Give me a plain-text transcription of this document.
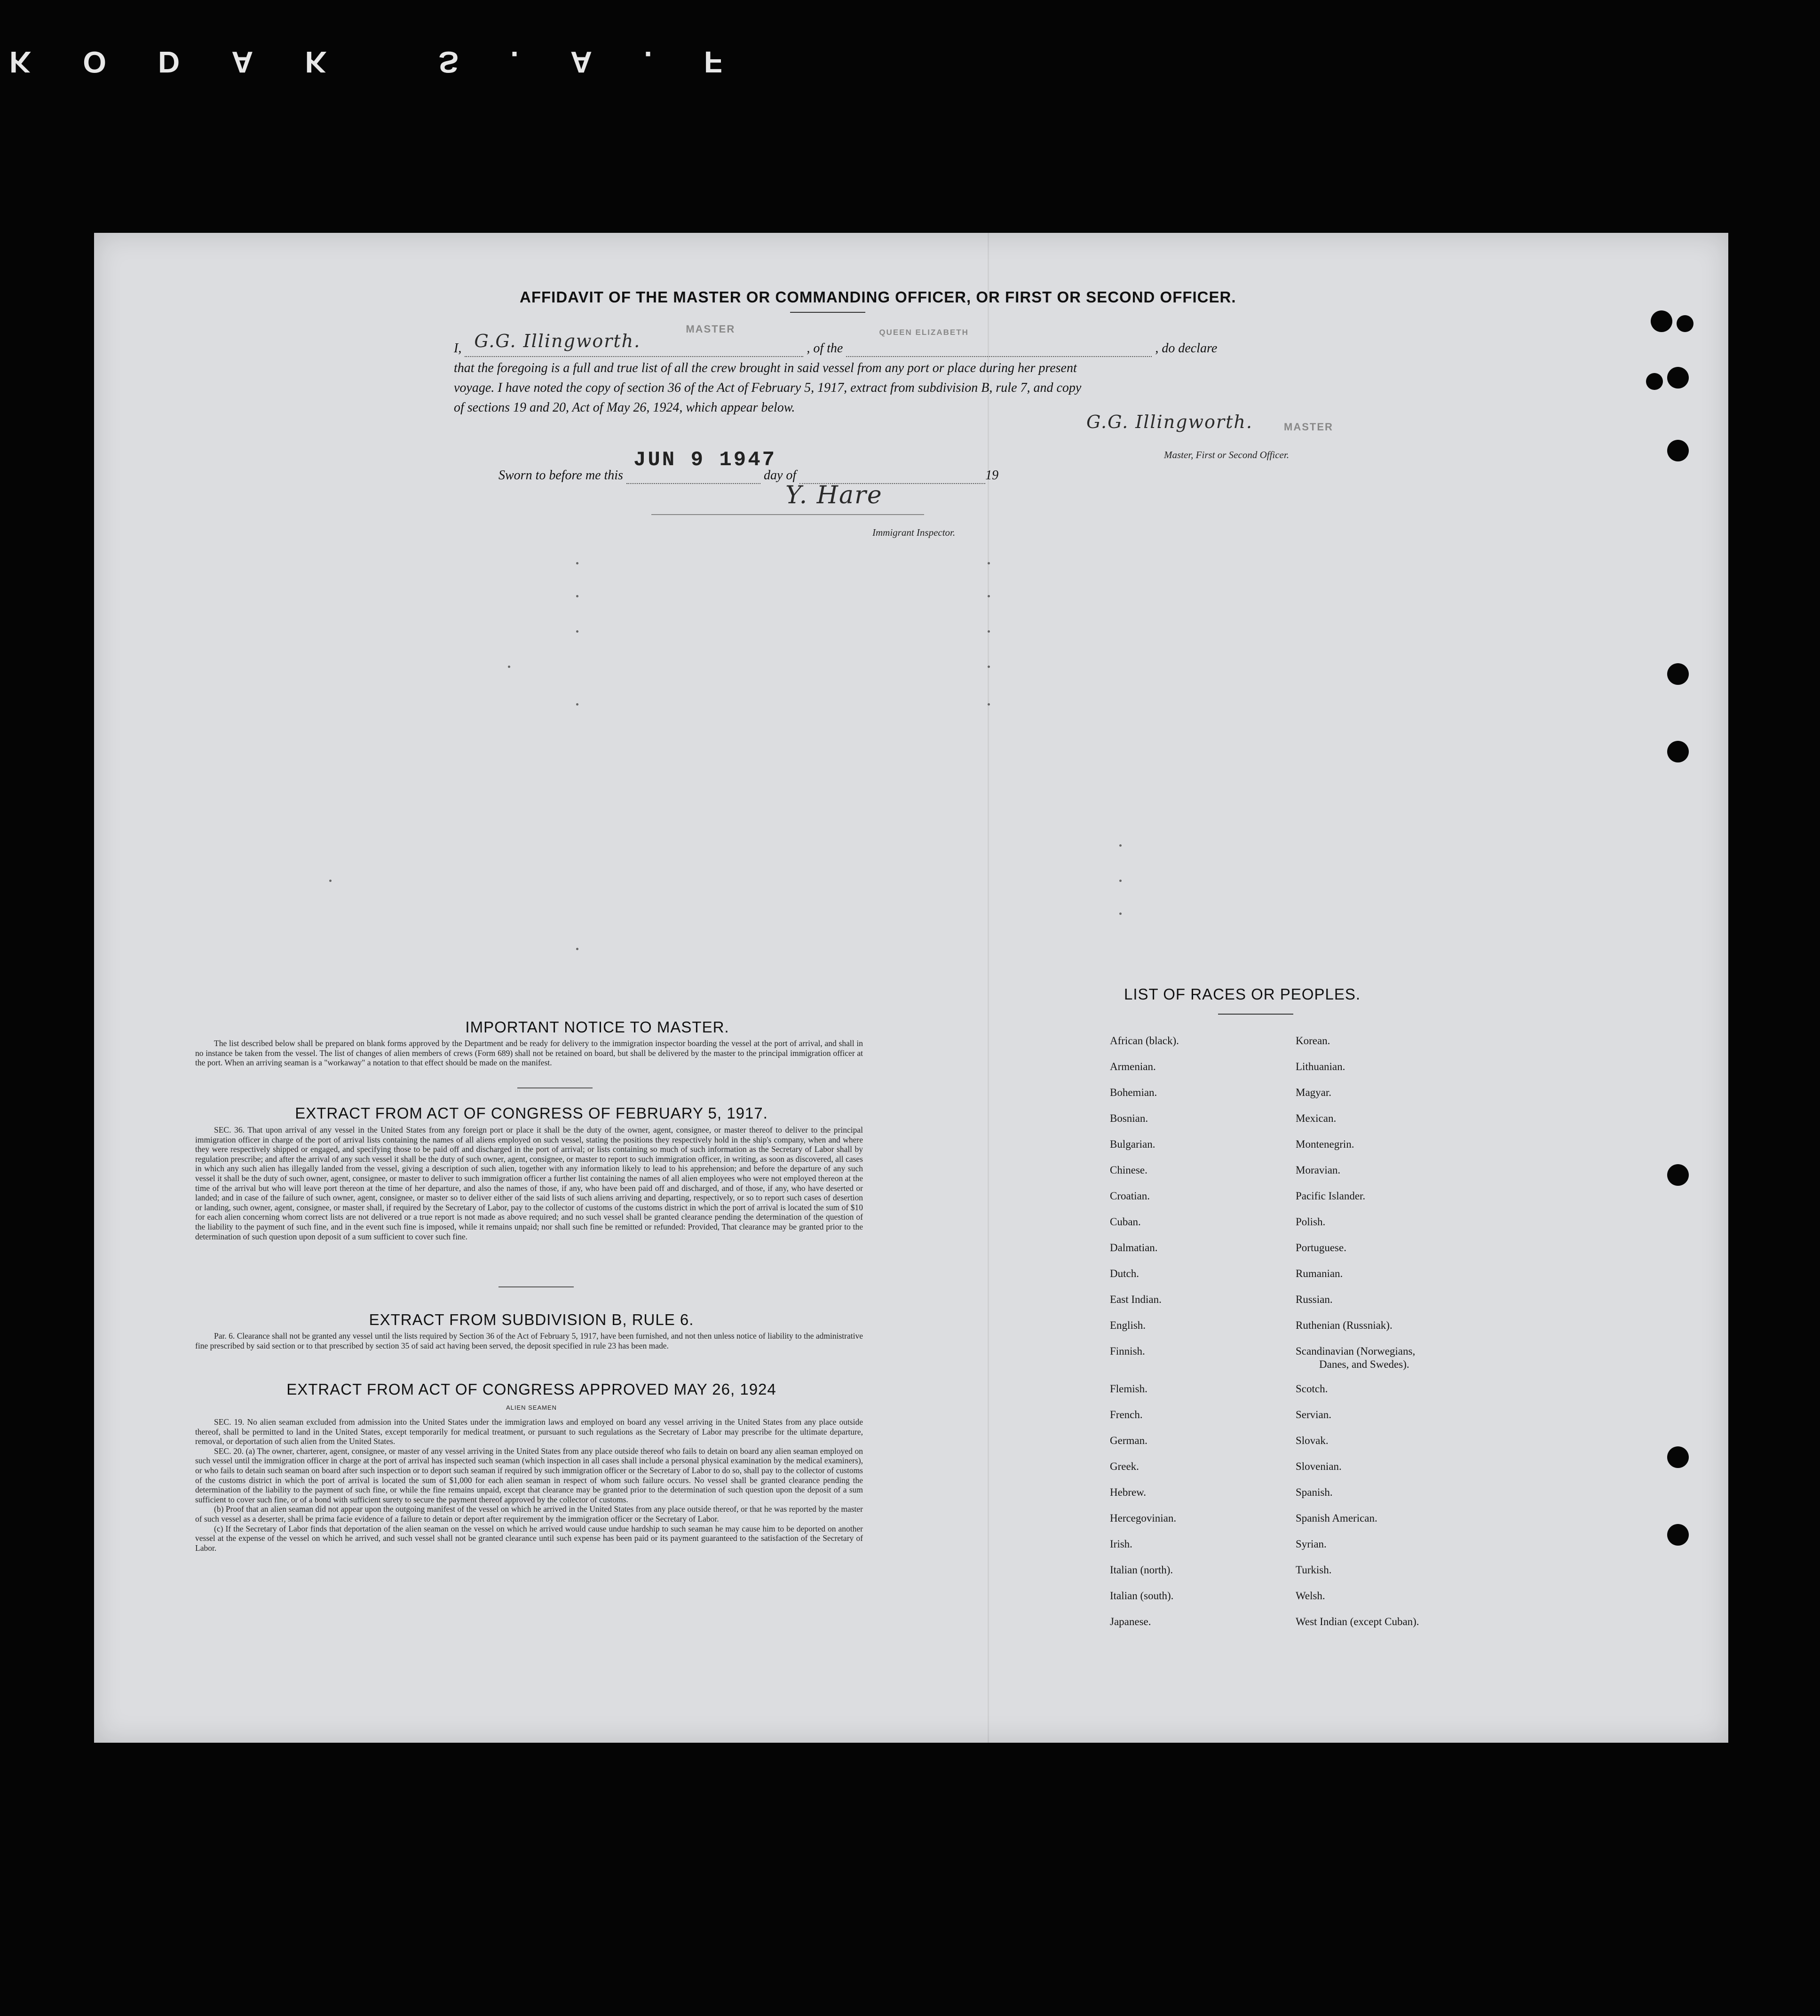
KODAK S.A.F
AFFIDAVIT OF THE MASTER OR COMMANDING OFFICER, OR FIRST OR SECOND OFFICER.
I, G.G. Illingworth.
MASTER
, of the
QUEEN ELIZABETH
, do declare
that the foregoing is a full and true list of all the crew brought in said vessel from any port or place during her present
voyage. I have noted the copy of section 36 of the Act of February 5, 1917, extract from subdivision B, rule 7, and copy
of sections 19 and 20, Act of May 26, 1924, which appear below.
G.G. Illingworth.	MASTER
Master, First or Second Officer.
Sworn to before me this
JUN 9 1947
day of	19
Y. Hare
Immigrant Inspector.
IMPORTANT NOTICE TO MASTER.

The list described below shall be prepared on blank forms approved by the Department and be ready for delivery to the immigration inspector boarding the vessel at the port of arrival, and shall in no instance be taken from the vessel. The list of changes of alien members of crews (Form 689) shall not be retained on board, but shall be delivered by the master to the principal immigration officer at the port. When an arriving seaman is a "workaway" a notation to that effect should be made on the manifest.

EXTRACT FROM ACT OF CONGRESS OF FEBRUARY 5, 1917.

SEC. 36. That upon arrival of any vessel in the United States from any foreign port or place it shall be the duty of the owner, agent, consignee, or master thereof to deliver to the principal immigration officer in charge of the port of arrival lists containing the names of all aliens employed on such vessel, stating the positions they respectively hold in the ship's company, when and where they were respectively shipped or engaged, and specifying those to be paid off and discharged in the port of arrival; or lists containing so much of such information as the Secretary of Labor shall by regulation prescribe; and after the arrival of any such vessel it shall be the duty of such owner, agent, consignee, or master to report to such immigration officer, in writing, as soon as discovered, all cases in which any such alien has illegally landed from the vessel, giving a description of such alien, together with any information likely to lead to his apprehension; and before the departure of any such vessel it shall be the duty of such owner, agent, consignee, or master to deliver to such immigration officer a further list containing the names of all alien employees who were not employed thereon at the time of the arrival but who will leave port thereon at the time of her departure, and also the names of those, if any, who have been paid off and discharged, and of those, if any, who have deserted or landed; and in case of the failure of such owner, agent, consignee, or master so to deliver either of the said lists of such aliens arriving and departing, respectively, or so to report such cases of desertion or landing, such owner, agent, consignee, or master shall, if required by the Secretary of Labor, pay to the collector of customs of the customs district in which the port of arrival is located the sum of $10 for each alien concerning whom correct lists are not delivered or a true report is not made as above required; and no such vessel shall be granted clearance pending the determination of the question of the liability to the payment of such fine, and in the event such fine is imposed, while it remains unpaid; nor shall such fine be remitted or refunded: Provided, That clearance may be granted prior to the determination of such question upon deposit of a sum sufficient to cover such fine.

EXTRACT FROM SUBDIVISION B, RULE 6.

Par. 6. Clearance shall not be granted any vessel until the lists required by Section 36 of the Act of February 5, 1917, have been furnished, and not then unless notice of liability to the administrative fine prescribed by said section or to that prescribed by section 35 of said act having been served, the deposit specified in rule 23 has been made.

EXTRACT FROM ACT OF CONGRESS APPROVED MAY 26, 1924
ALIEN SEAMEN

SEC. 19. No alien seaman excluded from admission into the United States under the immigration laws and employed on board any vessel arriving in the United States from any place outside thereof, shall be permitted to land in the United States, except temporarily for medical treatment, or pursuant to such regulations as the Secretary of Labor may prescribe for the ultimate departure, removal, or deportation of such alien from the United States.

SEC. 20. (a) The owner, charterer, agent, consignee, or master of any vessel arriving in the United States from any place outside thereof who fails to detain on board any alien seaman employed on such vessel until the immigration officer in charge at the port of arrival has inspected such seaman (which inspection in all cases shall include a personal physical examination by the medical examiners), or who fails to detain such seaman on board after such inspection or to deport such seaman if required by such immigration officer or the Secretary of Labor to do so, shall pay to the collector of customs of the customs district in which the port of arrival is located the sum of $1,000 for each alien seaman in respect of whom such failure occurs. No vessel shall be granted clearance pending the determination of the liability to the payment of such fine, or while the fine remains unpaid, except that clearance may be granted prior to the determination of such question upon the deposit of a sum sufficient to cover such fine, or of a bond with sufficient surety to secure the payment thereof approved by the collector of customs.

(b) Proof that an alien seaman did not appear upon the outgoing manifest of the vessel on which he arrived in the United States from any place outside thereof, or that he was reported by the master of such vessel as a deserter, shall be prima facie evidence of a failure to detain or deport after requirement by the immigration officer or the Secretary of Labor.

(c) If the Secretary of Labor finds that deportation of the alien seaman on the vessel on which he arrived would cause undue hardship to such seaman he may cause him to be deported on another vessel at the expense of the vessel on which he arrived, and such vessel shall not be granted clearance until such expense has been paid or its payment guaranteed to the satisfaction of the Secretary of Labor.

LIST OF RACES OR PEOPLES.
Danes, and Swedes).
African (black).
Armenian.
Bohemian.
Bosnian.
Bulgarian.
Chinese.
Croatian.
Cuban.
Dalmatian.
Dutch.
East Indian.
English.
Finnish.
Flemish.
French.
German.
Greek.
Hebrew.
Hercegovinian.
Irish.
Italian (north).
Italian (south).
Japanese.
Korean.
Lithuanian.
Magyar.
Mexican.
Montenegrin.
Moravian.
Pacific Islander.
Polish.
Portuguese.
Rumanian.
Russian.
Ruthenian (Russniak).
Scandinavian (Norwegians,
Scotch.
Servian.
Slovak.
Slovenian.
Spanish.
Spanish American.
Syrian.
Turkish.
Welsh.
West Indian (except Cuban).
